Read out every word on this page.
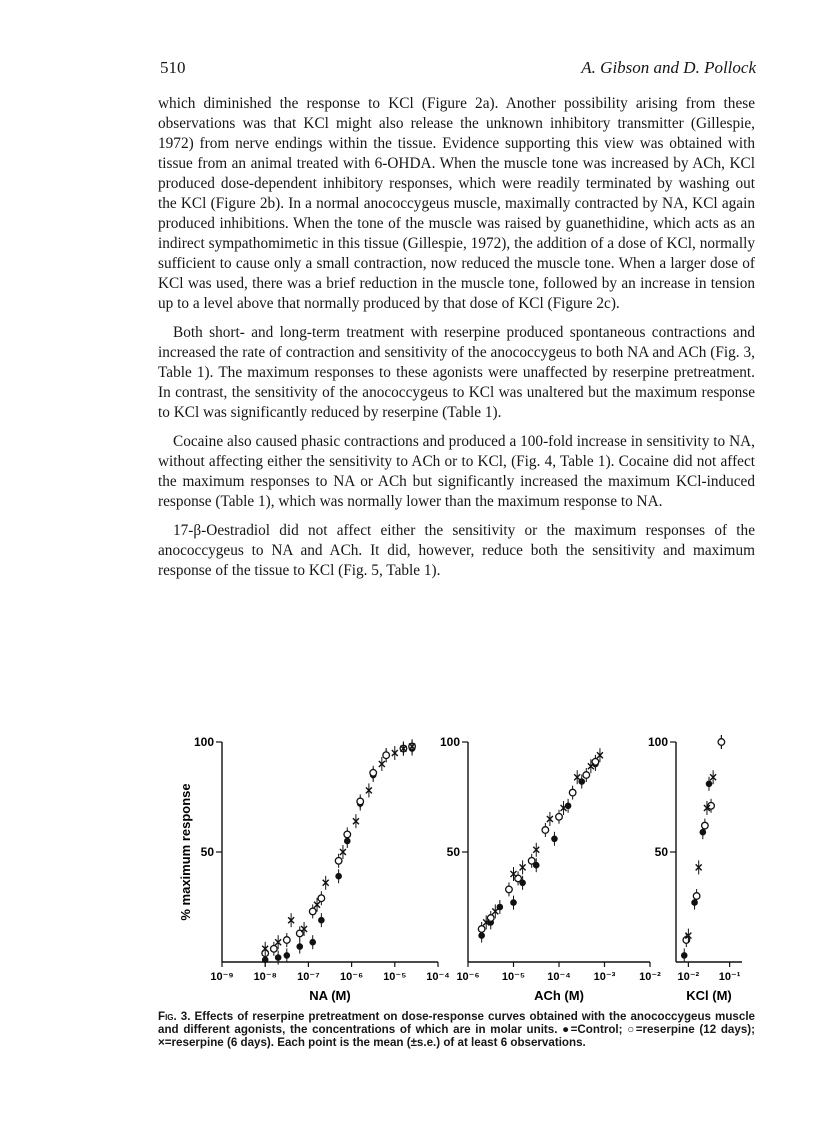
510	A. Gibson and D. Pollock

which diminished the response to KCl (Figure 2a). Another possibility arising from these observations was that KCl might also release the unknown inhibitory transmitter (Gillespie, 1972) from nerve endings within the tissue. Evidence supporting this view was obtained with tissue from an animal treated with 6-OHDA. When the muscle tone was increased by ACh, KCl produced dose-dependent inhibitory responses, which were readily terminated by washing out the KCl (Figure 2b). In a normal anococcygeus muscle, maximally contracted by NA, KCl again produced inhibitions. When the tone of the muscle was raised by guanethidine, which acts as an indirect sympathomimetic in this tissue (Gillespie, 1972), the addition of a dose of KCl, normally sufficient to cause only a small contraction, now reduced the muscle tone. When a larger dose of KCl was used, there was a brief reduction in the muscle tone, followed by an increase in tension up to a level above that normally produced by that dose of KCl (Figure 2c).

Both short- and long-term treatment with reserpine produced spontaneous contractions and increased the rate of contraction and sensitivity of the anococcygeus to both NA and ACh (Fig. 3, Table 1). The maximum responses to these agonists were unaffected by reserpine pretreatment. In contrast, the sensitivity of the anococcygeus to KCl was unaltered but the maximum response to KCl was significantly reduced by reserpine (Table 1).

Cocaine also caused phasic contractions and produced a 100-fold increase in sensitivity to NA, without affecting either the sensitivity to ACh or to KCl, (Fig. 4, Table 1). Cocaine did not affect the maximum responses to NA or ACh but significantly increased the maximum KCl-induced response (Table 1), which was normally lower than the maximum response to NA.

17-β-Oestradiol did not affect either the sensitivity or the maximum responses of the anococcygeus to NA and ACh. It did, however, reduce both the sensitivity and maximum response of the tissue to KCl (Fig. 5, Table 1).

% maximum response
100
50
10⁻⁹ 10⁻⁸ 10⁻⁷ 10⁻⁶ 10⁻⁵ 10⁻⁴
NA (M)
100
50
10⁻⁶ 10⁻⁵ 10⁻⁴ 10⁻³ 10⁻²
ACh (M)
100
50
10⁻² 10⁻¹
KCl (M)
Fig. 3. Effects of reserpine pretreatment on dose-response curves obtained with the anococcygeus muscle and different agonists, the concentrations of which are in molar units. ●=Control; ○=reserpine (12 days); ×=reserpine (6 days). Each point is the mean (±s.e.) of at least 6 observations.
